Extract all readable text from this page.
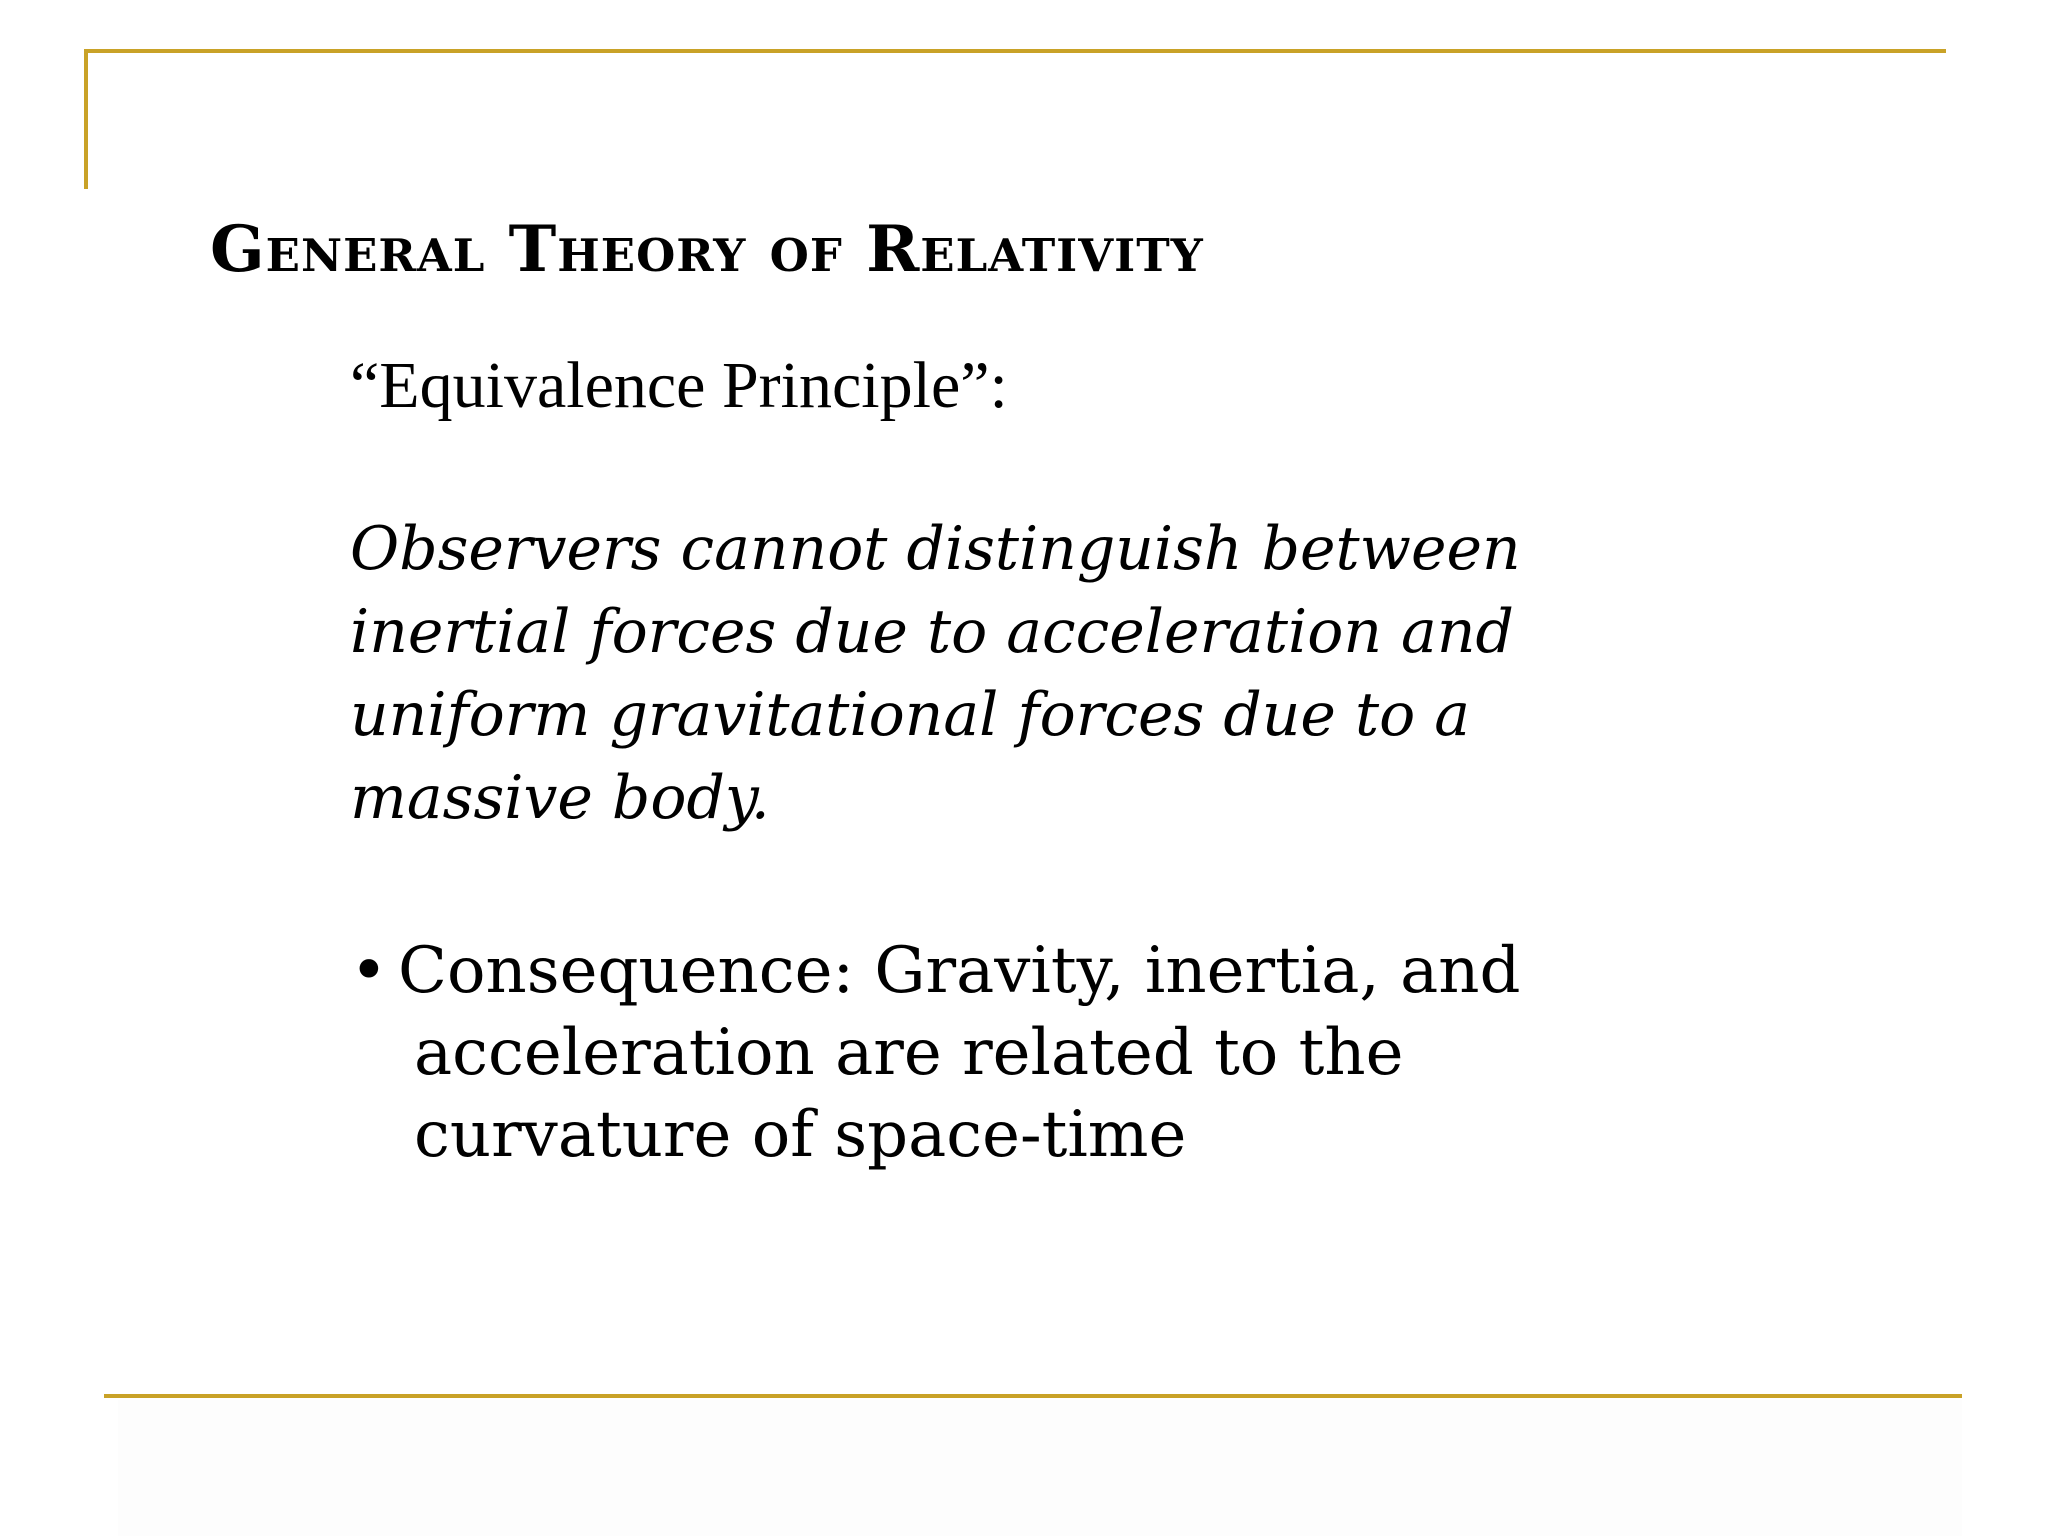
General Theory of Relativity
“Equivalence Principle”:
Observers cannot distinguish between
inertial forces due to acceleration and
uniform gravitational forces due to a
massive body.
• Consequence: Gravity, inertia, and
acceleration are related to the
curvature of space-time
